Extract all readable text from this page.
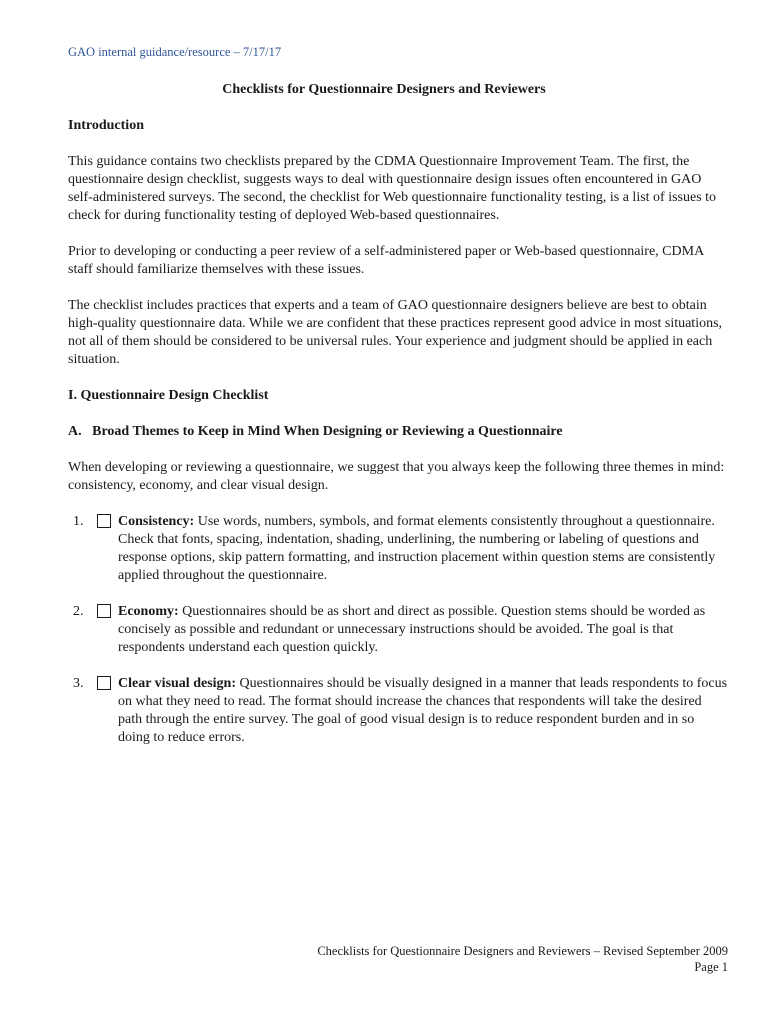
GAO internal guidance/resource – 7/17/17
Checklists for Questionnaire Designers and Reviewers

Introduction

This guidance contains two checklists prepared by the CDMA Questionnaire Improvement Team. The first, the questionnaire design checklist, suggests ways to deal with questionnaire design issues often encountered in GAO self-administered surveys. The second, the checklist for Web questionnaire functionality testing, is a list of issues to check for during functionality testing of deployed Web-based questionnaires.

Prior to developing or conducting a peer review of a self-administered paper or Web-based questionnaire, CDMA staff should familiarize themselves with these issues.

The checklist includes practices that experts and a team of GAO questionnaire designers believe are best to obtain high-quality questionnaire data. While we are confident that these practices represent good advice in most situations, not all of them should be considered to be universal rules. Your experience and judgment should be applied in each situation.

I. Questionnaire Design Checklist

A.   Broad Themes to Keep in Mind When Designing or Reviewing a Questionnaire

When developing or reviewing a questionnaire, we suggest that you always keep the following three themes in mind: consistency, economy, and clear visual design.

1. Consistency: Use words, numbers, symbols, and format elements consistently throughout a questionnaire. Check that fonts, spacing, indentation, shading, underlining, the numbering or labeling of questions and response options, skip pattern formatting, and instruction placement within question stems are consistently applied throughout the questionnaire.
2. Economy: Questionnaires should be as short and direct as possible. Question stems should be worded as concisely as possible and redundant or unnecessary instructions should be avoided. The goal is that respondents understand each question quickly.
3. Clear visual design: Questionnaires should be visually designed in a manner that leads respondents to focus on what they need to read. The format should increase the chances that respondents will take the desired path through the entire survey. The goal of good visual design is to reduce respondent burden and in so doing to reduce errors.
Checklists for Questionnaire Designers and Reviewers – Revised September 2009
Page 1
